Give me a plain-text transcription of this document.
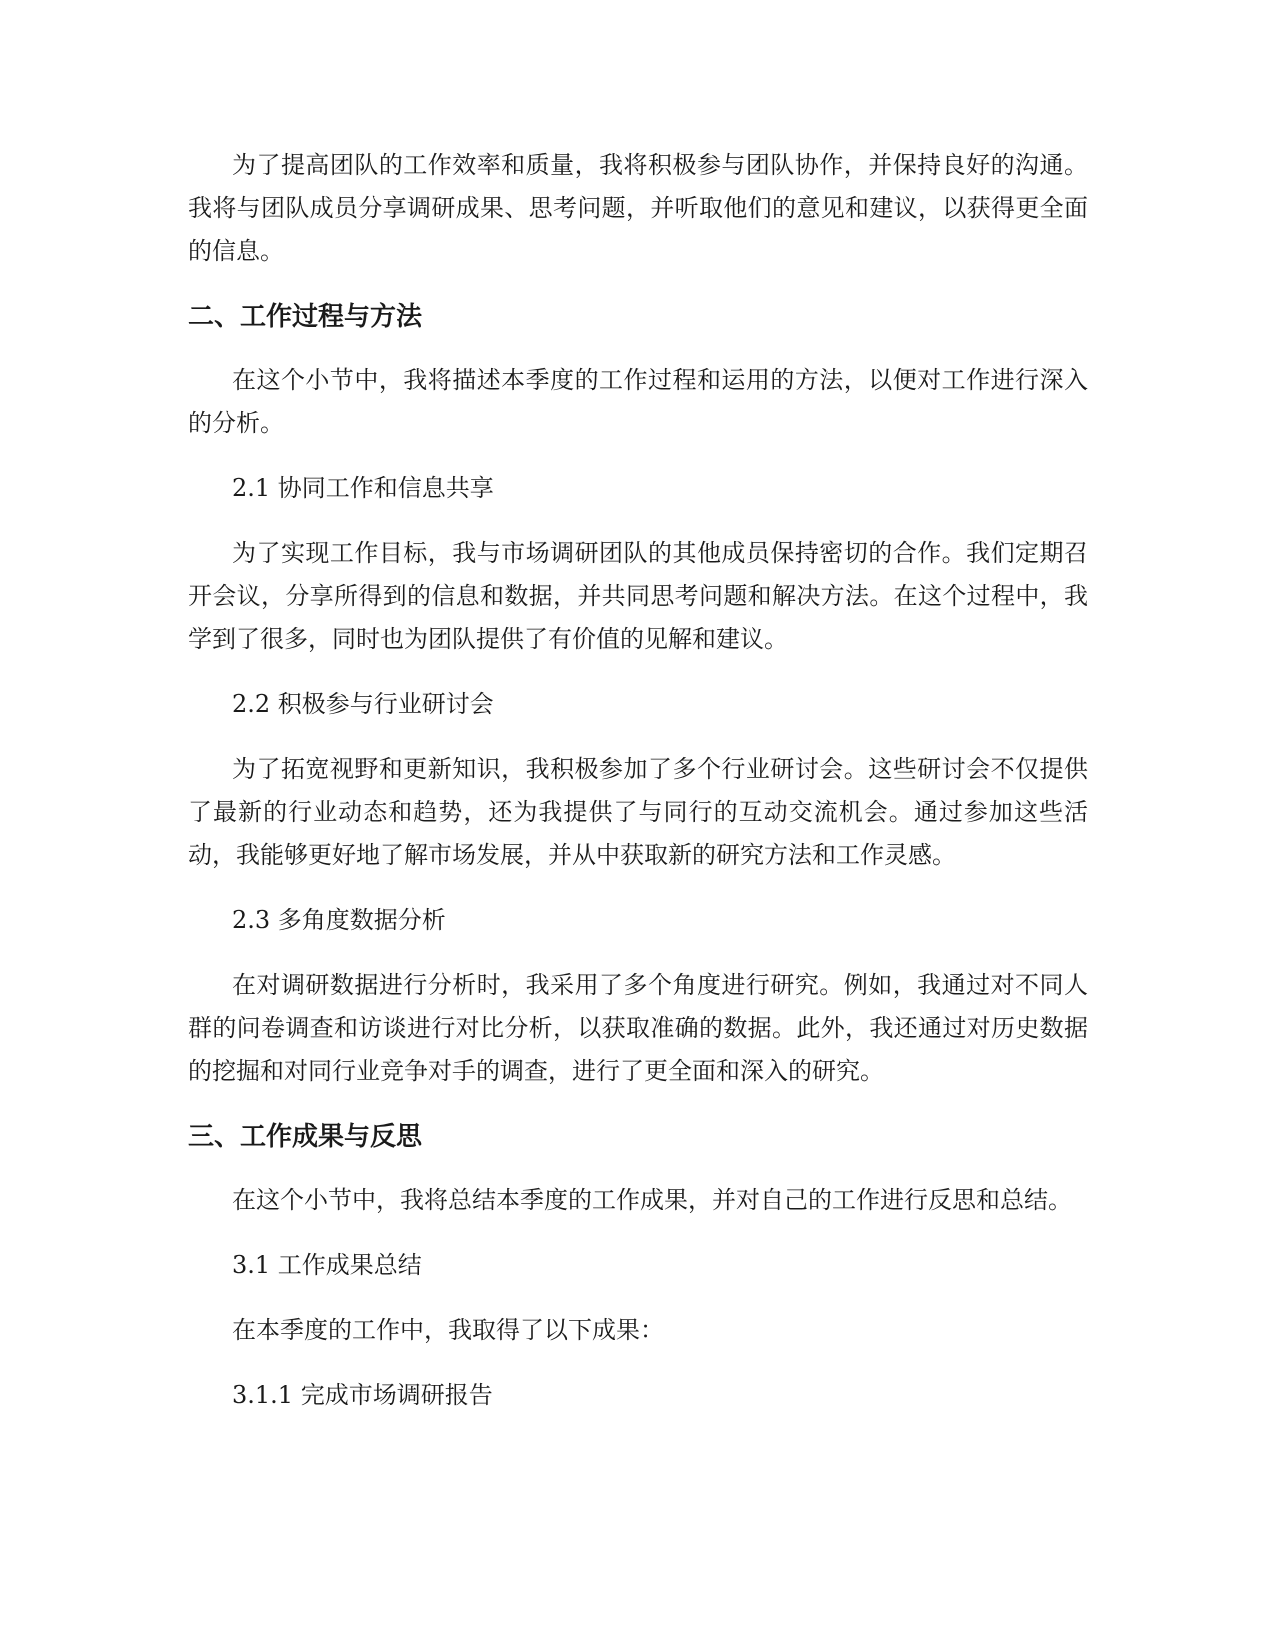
为了提高团队的工作效率和质量，我将积极参与团队协作，并保持良好的沟通。我将与团队成员分享调研成果、思考问题，并听取他们的意见和建议，以获得更全面的信息。

二、工作过程与方法

在这个小节中，我将描述本季度的工作过程和运用的方法，以便对工作进行深入的分析。

2.1 协同工作和信息共享

为了实现工作目标，我与市场调研团队的其他成员保持密切的合作。我们定期召开会议，分享所得到的信息和数据，并共同思考问题和解决方法。在这个过程中，我学到了很多，同时也为团队提供了有价值的见解和建议。

2.2 积极参与行业研讨会

为了拓宽视野和更新知识，我积极参加了多个行业研讨会。这些研讨会不仅提供了最新的行业动态和趋势，还为我提供了与同行的互动交流机会。通过参加这些活动，我能够更好地了解市场发展，并从中获取新的研究方法和工作灵感。

2.3 多角度数据分析

在对调研数据进行分析时，我采用了多个角度进行研究。例如，我通过对不同人群的问卷调查和访谈进行对比分析，以获取准确的数据。此外，我还通过对历史数据的挖掘和对同行业竞争对手的调查，进行了更全面和深入的研究。

三、工作成果与反思

在这个小节中，我将总结本季度的工作成果，并对自己的工作进行反思和总结。

3.1 工作成果总结

在本季度的工作中，我取得了以下成果：

3.1.1 完成市场调研报告
